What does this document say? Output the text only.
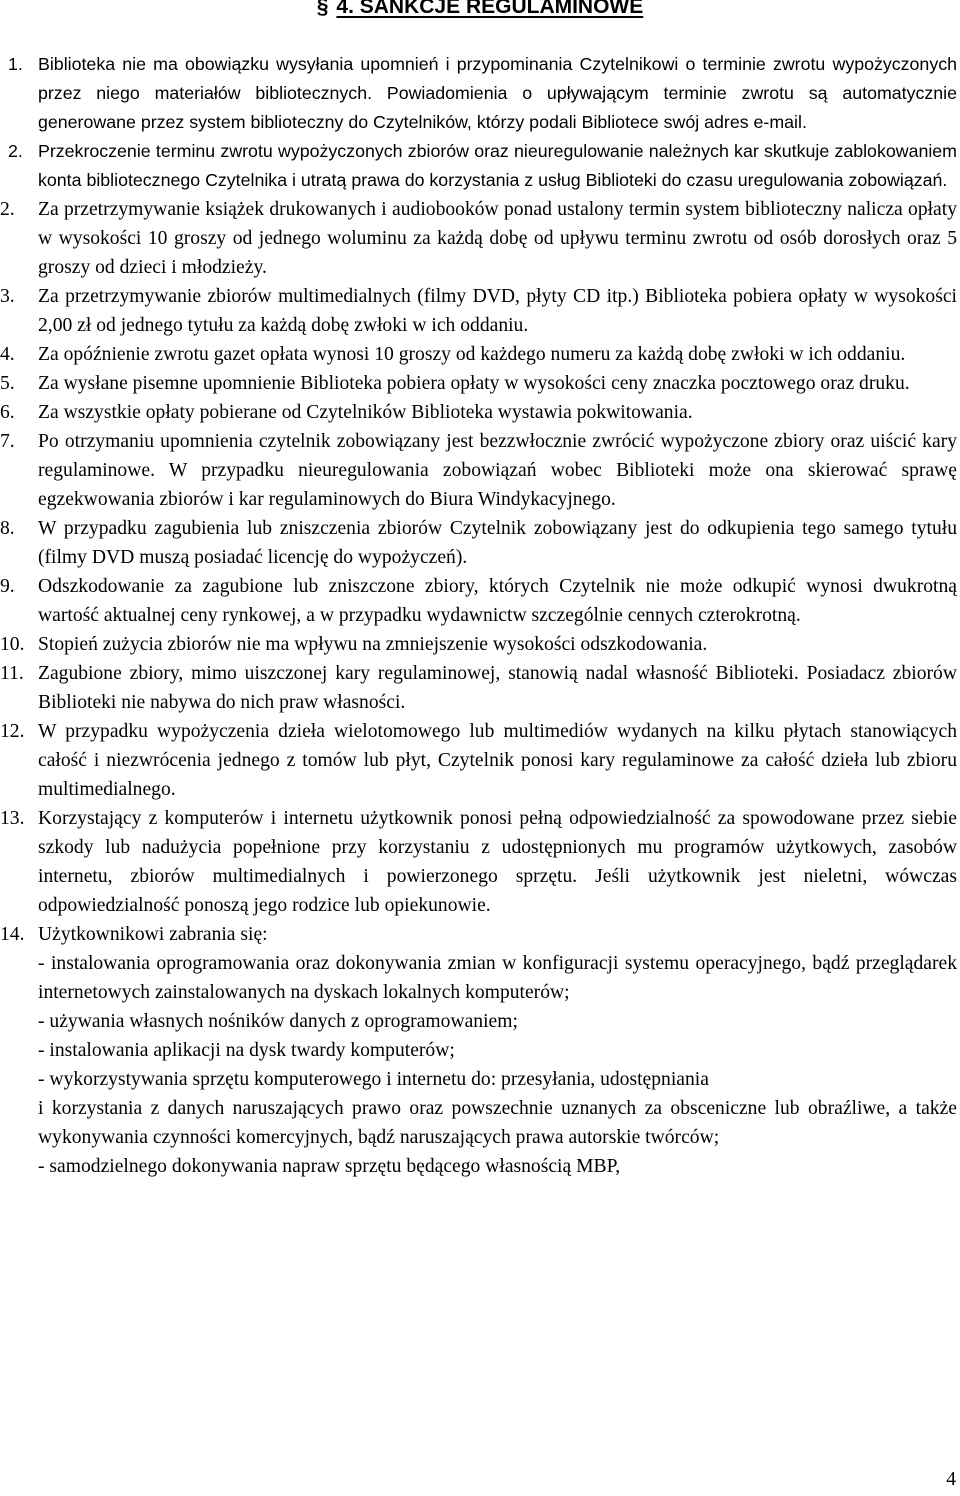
§ 4. SANKCJE REGULAMINOWE
1. Biblioteka nie ma obowiązku wysyłania upomnień i przypominania Czytelnikowi o terminie zwrotu wypożyczonych przez niego materiałów bibliotecznych. Powiadomienia o upływającym terminie zwrotu są automatycznie generowane przez system biblioteczny do Czytelników, którzy podali Bibliotece swój adres e-mail.
2. Przekroczenie terminu zwrotu wypożyczonych zbiorów oraz nieuregulowanie należnych kar skutkuje zablokowaniem konta bibliotecznego Czytelnika i utratą prawa do korzystania z usług Biblioteki do czasu uregulowania zobowiązań.
2.	Za przetrzymywanie książek drukowanych i audiobooków ponad ustalony termin system biblioteczny nalicza opłaty w wysokości 10 groszy od jednego woluminu za każdą dobę od upływu terminu zwrotu od osób dorosłych oraz 5 groszy od dzieci i młodzieży.
3.	Za przetrzymywanie zbiorów multimedialnych (filmy DVD, płyty CD itp.) Biblioteka pobiera opłaty w wysokości 2,00 zł od jednego tytułu za każdą dobę zwłoki w ich oddaniu.
4.	Za opóźnienie zwrotu gazet opłata wynosi 10 groszy od każdego numeru za każdą dobę zwłoki w ich oddaniu.
5.	Za wysłane pisemne upomnienie Biblioteka pobiera opłaty w wysokości ceny znaczka pocztowego oraz druku.
6.	Za wszystkie opłaty pobierane od Czytelników Biblioteka wystawia pokwitowania.
7.	Po otrzymaniu upomnienia czytelnik zobowiązany jest bezzwłocznie zwrócić wypożyczone zbiory oraz uiścić kary regulaminowe. W przypadku nieuregulowania zobowiązań wobec Biblioteki może ona skierować sprawę egzekwowania zbiorów i kar regulaminowych do Biura Windykacyjnego.
8.	W przypadku zagubienia lub zniszczenia zbiorów Czytelnik zobowiązany jest do odkupienia tego samego tytułu (filmy DVD muszą posiadać licencję do wypożyczeń).
9.	Odszkodowanie za zagubione lub zniszczone zbiory, których Czytelnik nie może odkupić wynosi dwukrotną wartość aktualnej ceny rynkowej, a w przypadku wydawnictw szczególnie cennych czterokrotną.
10. Stopień zużycia zbiorów nie ma wpływu na zmniejszenie wysokości odszkodowania.
11. Zagubione zbiory, mimo uiszczonej kary regulaminowej, stanowią nadal własność Biblioteki. Posiadacz zbiorów Biblioteki nie nabywa do nich praw własności.
12. W przypadku wypożyczenia dzieła wielotomowego lub multimediów wydanych na kilku płytach stanowiących całość i niezwrócenia jednego z tomów lub płyt, Czytelnik ponosi kary regulaminowe za całość dzieła lub zbioru multimedialnego.
13. Korzystający z komputerów i internetu użytkownik ponosi pełną odpowiedzialność za spowodowane przez siebie szkody lub nadużycia popełnione przy korzystaniu z udostępnionych mu programów użytkowych, zasobów internetu, zbiorów multimedialnych i powierzonego sprzętu. Jeśli użytkownik jest nieletni, wówczas odpowiedzialność ponoszą jego rodzice lub opiekunowie.
14. Użytkownikowi zabrania się:
- instalowania oprogramowania oraz dokonywania zmian w konfiguracji systemu operacyjnego, bądź przeglądarek internetowych zainstalowanych na dyskach lokalnych komputerów;
- używania własnych nośników danych z oprogramowaniem;
- instalowania aplikacji na dysk twardy komputerów;
- wykorzystywania sprzętu komputerowego i internetu do: przesyłania, udostępniania
i korzystania z danych naruszających prawo oraz powszechnie uznanych za obsceniczne lub obraźliwe, a także wykonywania czynności komercyjnych, bądź naruszających prawa autorskie twórców;
- samodzielnego dokonywania napraw sprzętu będącego własnością MBP,
4
